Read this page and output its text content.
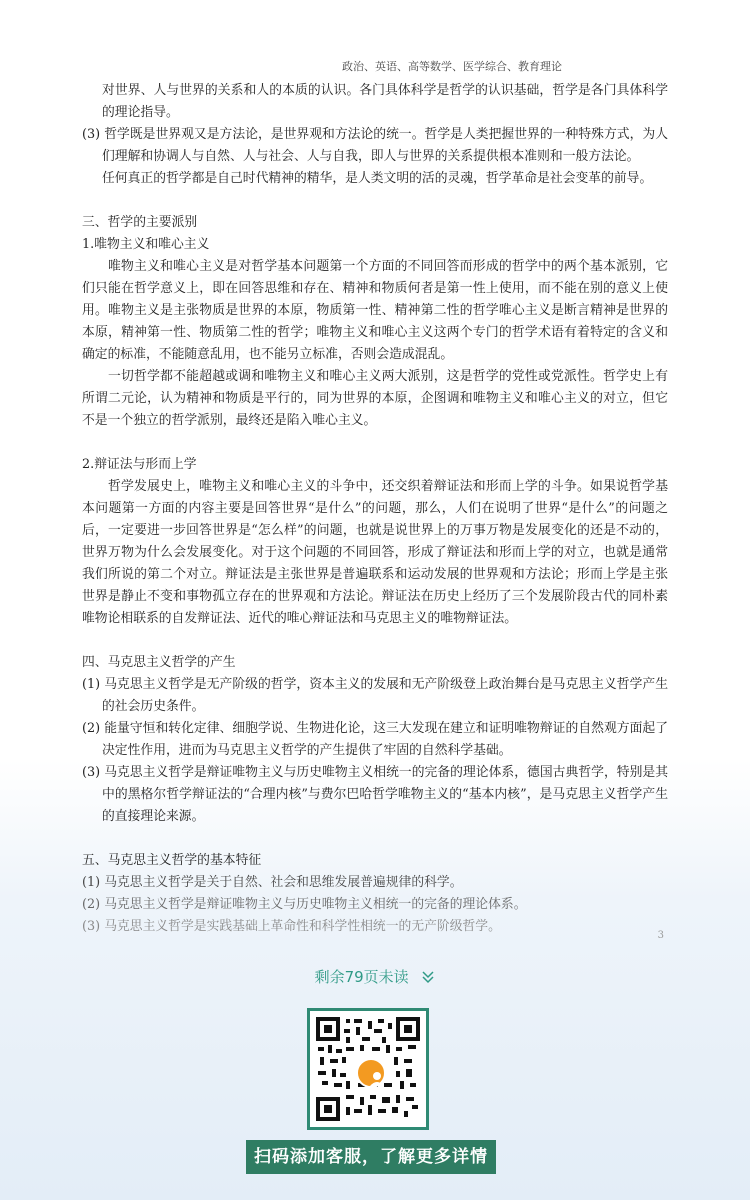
政治、英语、高等数学、医学综合、教育理论

对世界、人与世界的关系和人的本质的认识。各门具体科学是哲学的认识基础，哲学是各门具体科学的理论指导。

(3) 哲学既是世界观又是方法论，是世界观和方法论的统一。哲学是人类把握世界的一种特殊方式，为人们理解和协调人与自然、人与社会、人与自我，即人与世界的关系提供根本准则和一般方法论。

任何真正的哲学都是自己时代精神的精华，是人类文明的活的灵魂，哲学革命是社会变革的前导。

三、哲学的主要派别

1.唯物主义和唯心主义

唯物主义和唯心主义是对哲学基本问题第一个方面的不同回答而形成的哲学中的两个基本派别，它们只能在哲学意义上，即在回答思维和存在、精神和物质何者是第一性上使用，而不能在别的意义上使用。唯物主义是主张物质是世界的本原，物质第一性、精神第二性的哲学唯心主义是断言精神是世界的本原，精神第一性、物质第二性的哲学；唯物主义和唯心主义这两个专门的哲学术语有着特定的含义和确定的标准，不能随意乱用，也不能另立标准，否则会造成混乱。

一切哲学都不能超越或调和唯物主义和唯心主义两大派别，这是哲学的党性或党派性。哲学史上有所谓二元论，认为精神和物质是平行的，同为世界的本原，企图调和唯物主义和唯心主义的对立，但它不是一个独立的哲学派别，最终还是陷入唯心主义。

2.辩证法与形而上学

哲学发展史上，唯物主义和唯心主义的斗争中，还交织着辩证法和形而上学的斗争。如果说哲学基本问题第一方面的内容主要是回答世界“是什么”的问题，那么，人们在说明了世界“是什么”的问题之后，一定要进一步回答世界是“怎么样”的问题，也就是说世界上的万事万物是发展变化的还是不动的，世界万物为什么会发展变化。对于这个问题的不同回答，形成了辩证法和形而上学的对立，也就是通常我们所说的第二个对立。辩证法是主张世界是普遍联系和运动发展的世界观和方法论；形而上学是主张世界是静止不变和事物孤立存在的世界观和方法论。辩证法在历史上经历了三个发展阶段古代的同朴素唯物论相联系的自发辩证法、近代的唯心辩证法和马克思主义的唯物辩证法。

四、马克思主义哲学的产生

(1) 马克思主义哲学是无产阶级的哲学，资本主义的发展和无产阶级登上政治舞台是马克思主义哲学产生的社会历史条件。

(2) 能量守恒和转化定律、细胞学说、生物进化论，这三大发现在建立和证明唯物辩证的自然观方面起了决定性作用，进而为马克思主义哲学的产生提供了牢固的自然科学基础。

(3) 马克思主义哲学是辩证唯物主义与历史唯物主义相统一的完备的理论体系，德国古典哲学，特别是其中的黑格尔哲学辩证法的“合理内核”与费尔巴哈哲学唯物主义的“基本内核”，是马克思主义哲学产生的直接理论来源。

五、马克思主义哲学的基本特征

(1) 马克思主义哲学是关于自然、社会和思维发展普遍规律的科学。

(2) 马克思主义哲学是辩证唯物主义与历史唯物主义相统一的完备的理论体系。

(3) 马克思主义哲学是实践基础上革命性和科学性相统一的无产阶级哲学。

3
剩余79页未读
扫码添加客服，了解更多详情
